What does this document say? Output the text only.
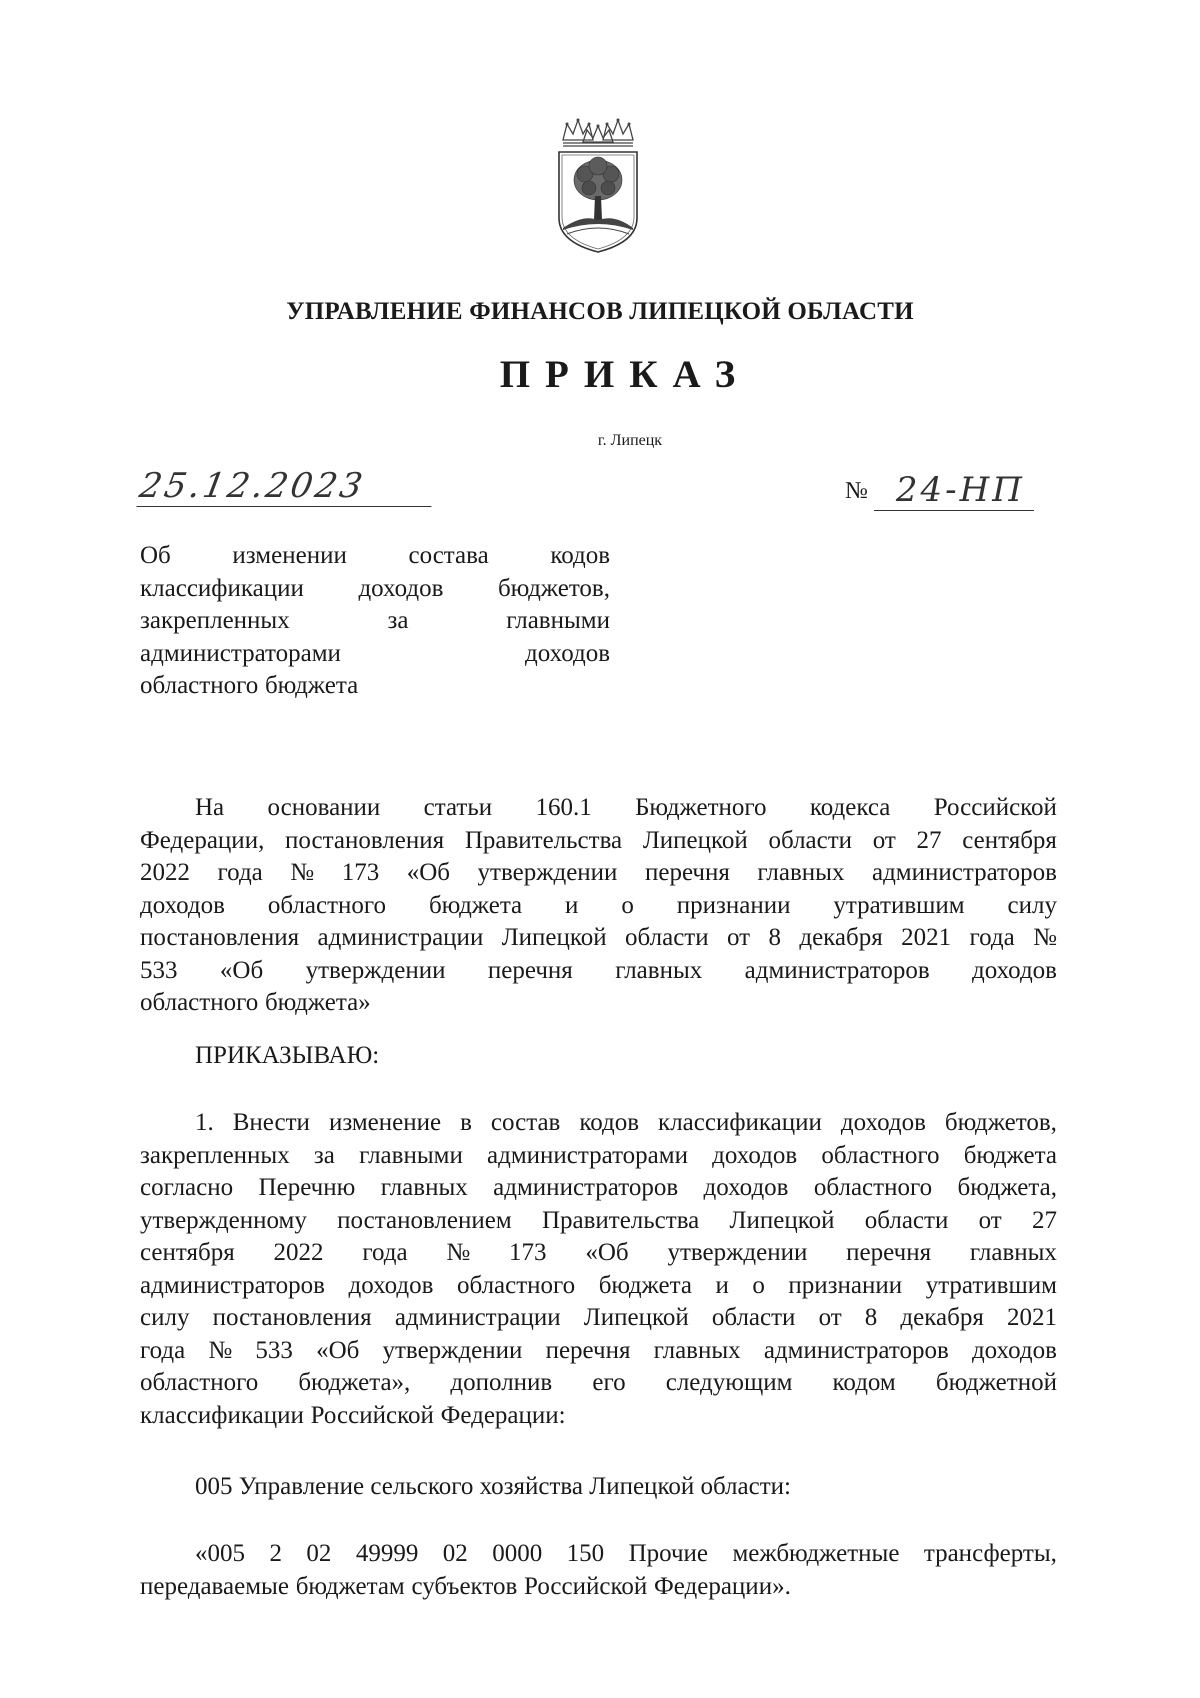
УПРАВЛЕНИЕ ФИНАНСОВ ЛИПЕЦКОЙ ОБЛАСТИ
ПРИКАЗ
г. Липецк
25.12.2023	№ 24-НП
Об изменении состава кодов
классификации доходов бюджетов,
закрепленных	за	главными
администраторами	доходов
областного бюджета
На основании статьи 160.1 Бюджетного кодекса Российской
Федерации, постановления Правительства Липецкой области от 27 сентября
2022 года № 173 «Об утверждении перечня главных администраторов
доходов областного бюджета и о признании утратившим силу
постановления администрации Липецкой области от 8 декабря 2021 года №
533 «Об утверждении перечня главных администраторов доходов
областного бюджета»
ПРИКАЗЫВАЮ:
1. Внести изменение в состав кодов классификации доходов бюджетов,
закрепленных за главными администраторами доходов областного бюджета
согласно Перечню главных администраторов доходов областного бюджета,
утвержденному постановлением Правительства Липецкой области от 27
сентября 2022 года № 173 «Об утверждении перечня главных
администраторов доходов областного бюджета и о признании утратившим
силу постановления администрации Липецкой области от 8 декабря 2021
года № 533 «Об утверждении перечня главных администраторов доходов
областного бюджета», дополнив его следующим кодом бюджетной
классификации Российской Федерации:
005 Управление сельского хозяйства Липецкой области:
«005 2 02 49999 02 0000 150 Прочие межбюджетные трансферты,
передаваемые бюджетам субъектов Российской Федерации».
